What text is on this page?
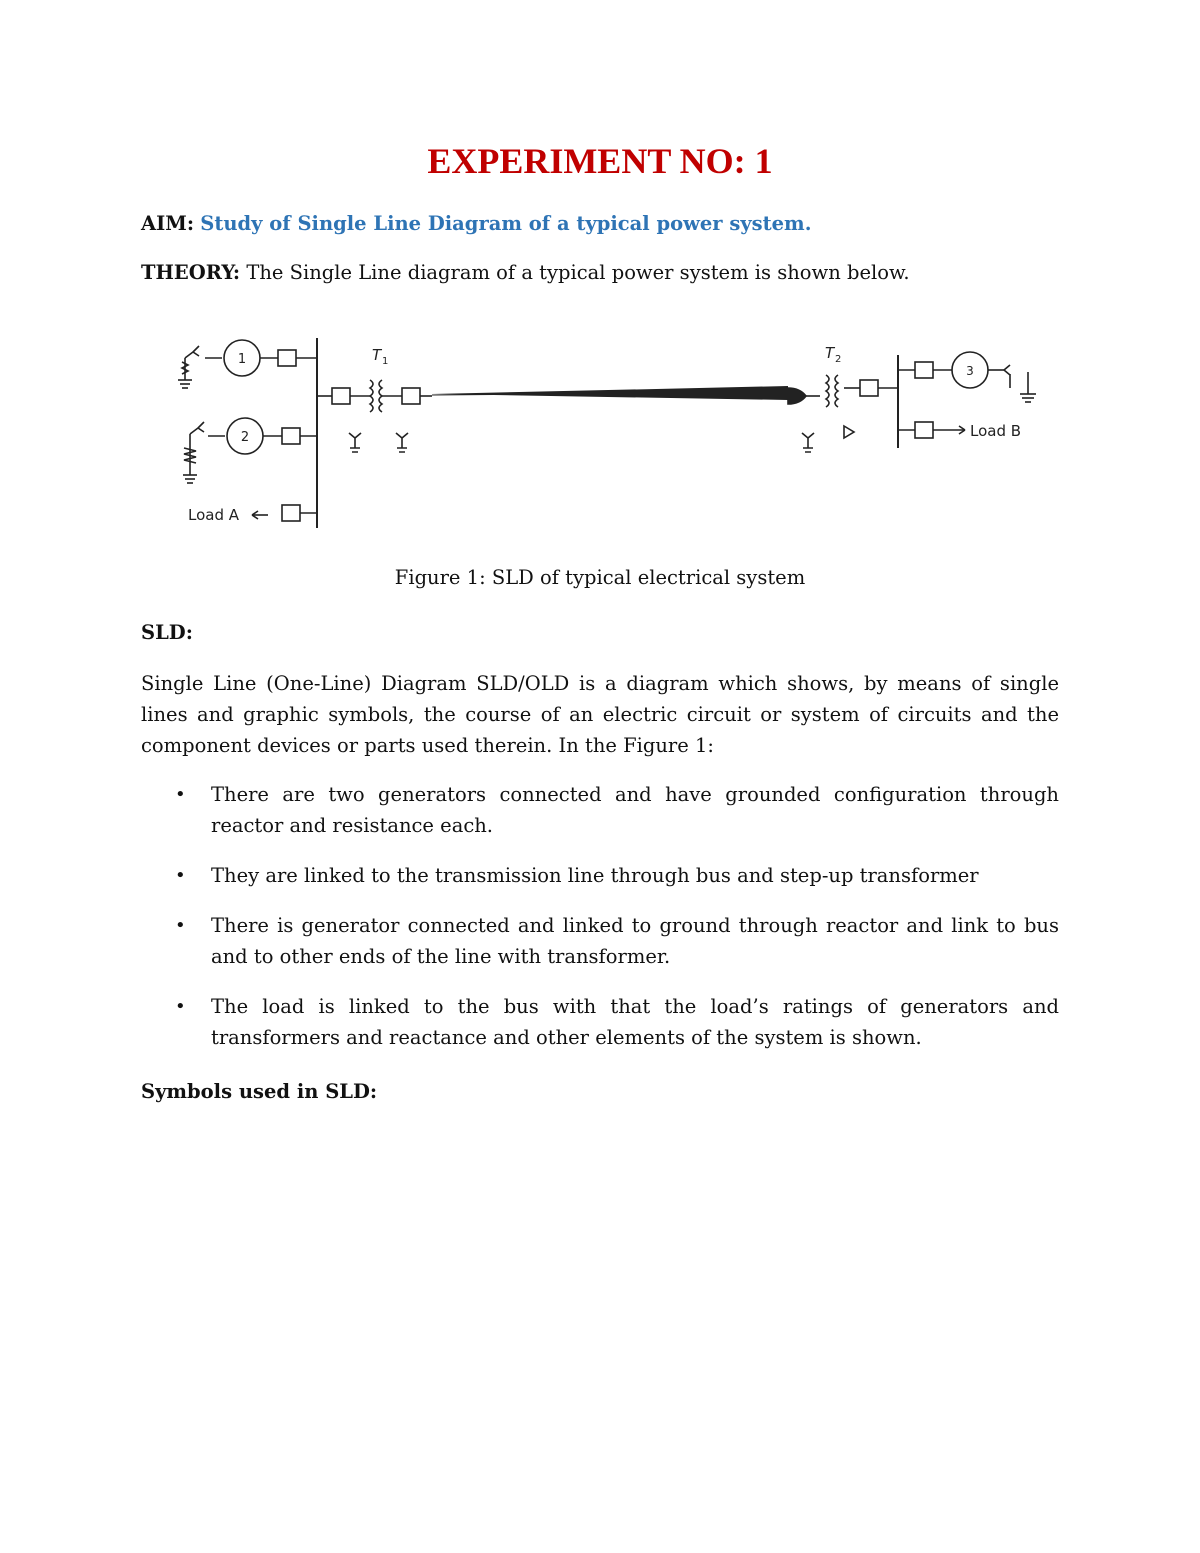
EXPERIMENT NO: 1

AIM: Study of Single Line Diagram of a typical power system.

THEORY: The Single Line diagram of a typical power system is shown below.

1
2
Load A
T 1	T 2
3
Load B

Figure 1: SLD of typical electrical system

SLD:

Single Line (One-Line) Diagram SLD/OLD is a diagram which shows, by means of single lines and graphic symbols, the course of an electric circuit or system of circuits and the component devices or parts used therein. In the Figure 1:

• There are two generators connected and have grounded configuration through reactor and resistance each.
• They are linked to the transmission line through bus and step-up transformer
• There is generator connected and linked to ground through reactor and link to bus and to other ends of the line with transformer.
• The load is linked to the bus with that the load’s ratings of generators and transformers and reactance and other elements of the system is shown.

Symbols used in SLD:
